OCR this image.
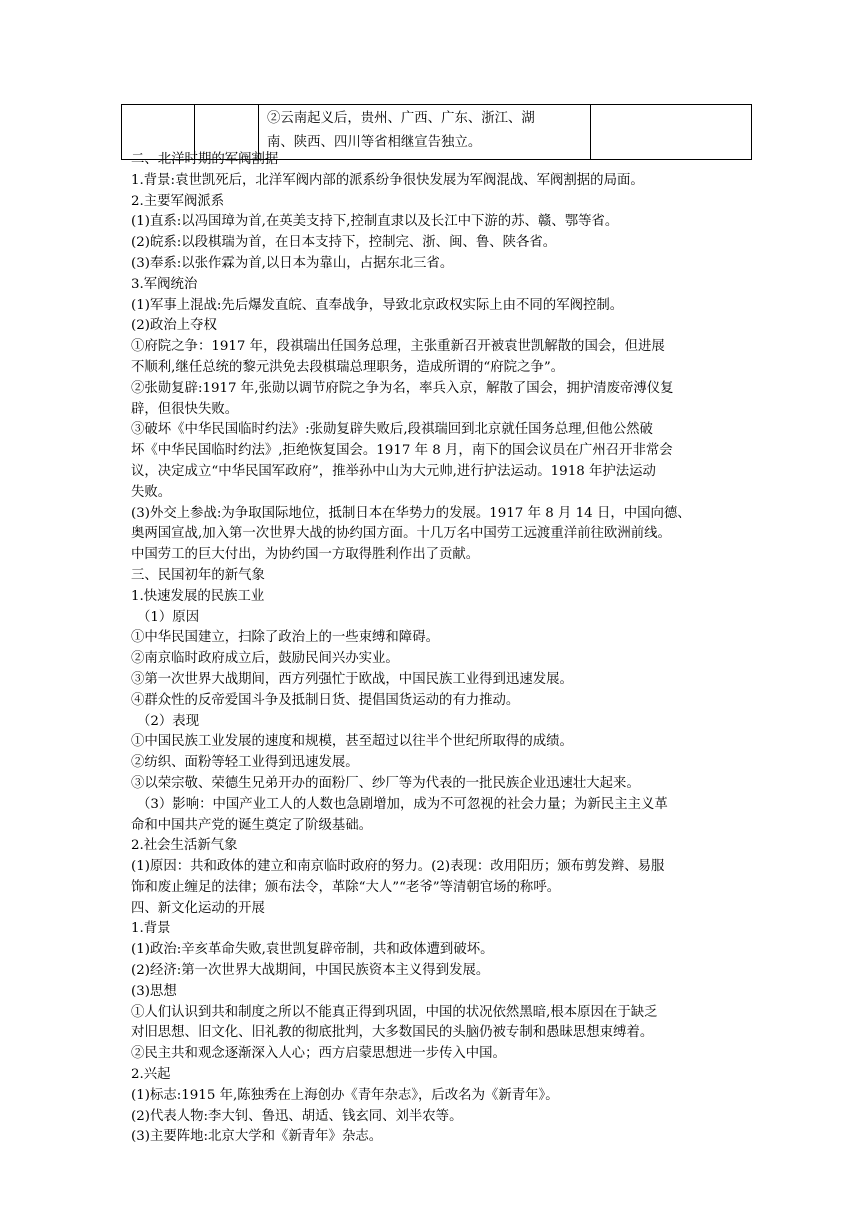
②云南起义后，贵州、广西、广东、浙江、湖
南、陕西、四川等省相继宣告独立。

二、北洋时期的军阀割据
1.背景:袁世凯死后，北洋军阀内部的派系纷争很快发展为军阀混战、军阀割据的局面。
2.主要军阀派系
(1)直系:以冯国璋为首,在英美支持下,控制直隶以及长江中下游的苏、赣、鄂等省。
(2)皖系:以段棋瑞为首，在日本支持下，控制完、浙、闽、鲁、陕各省。
(3)奉系:以张作霖为首,以日本为靠山，占据东北三省。
3.军阀统治
(1)军事上混战:先后爆发直皖、直奉战争，导致北京政权实际上由不同的军阀控制。
(2)政治上夺权
①府院之争：1917 年，段祺瑞出任国务总理，主张重新召开被袁世凯解散的国会，但进展
不顺利,继任总统的黎元洪免去段棋瑞总理职务，造成所谓的“府院之争”。
②张勋复辟:1917 年,张勋以调节府院之争为名，率兵入京，解散了国会，拥护清废帝溥仪复
辟，但很快失败。
③破坏《中华民国临时约法》:张勋复辟失败后,段祺瑞回到北京就任国务总理,但他公然破
坏《中华民国临时约法》,拒绝恢复国会。1917 年 8 月，南下的国会议员在广州召开非常会
议，决定成立“中华民国军政府”，推举孙中山为大元帅,进行护法运动。1918 年护法运动
失败。
(3)外交上参战:为争取国际地位，抵制日本在华势力的发展。1917 年 8 月 14 日，中国向德、
奥两国宣战,加入第一次世界大战的协约国方面。十几万名中国劳工远渡重洋前往欧洲前线。
中国劳工的巨大付出，为协约国一方取得胜利作出了贡献。
三、民国初年的新气象
1.快速发展的民族工业
（1）原因
①中华民国建立，扫除了政治上的一些束缚和障碍。
②南京临时政府成立后，鼓励民间兴办实业。
③第一次世界大战期间，西方列强忙于欧战，中国民族工业得到迅速发展。
④群众性的反帝爱国斗争及抵制日货、提倡国货运动的有力推动。
（2）表现
①中国民族工业发展的速度和规模，甚至超过以往半个世纪所取得的成绩。
②纺织、面粉等轻工业得到迅速发展。
③以荣宗敬、荣德生兄弟开办的面粉厂、纱厂等为代表的一批民族企业迅速壮大起来。
（3）影响：中国产业工人的人数也急剧增加，成为不可忽视的社会力量；为新民主主义革
命和中国共产党的诞生奠定了阶级基础。
2.社会生活新气象
(1)原因：共和政体的建立和南京临时政府的努力。(2)表现：改用阳历；颁布剪发辫、易服
饰和废止缠足的法律；颁布法令，革除“大人”“老爷”等清朝官场的称呼。
四、新文化运动的开展
1.背景
(1)政治:辛亥革命失败,袁世凯复辟帝制，共和政体遭到破坏。
(2)经济:第一次世界大战期间，中国民族资本主义得到发展。
(3)思想
①人们认识到共和制度之所以不能真正得到巩固，中国的状况依然黑暗,根本原因在于缺乏
对旧思想、旧文化、旧礼教的彻底批判，大多数国民的头脑仍被专制和愚昧思想束缚着。
②民主共和观念逐渐深入人心；西方启蒙思想进一步传入中国。
2.兴起
(1)标志:1915 年,陈独秀在上海创办《青年杂志》，后改名为《新青年》。
(2)代表人物:李大钊、鲁迅、胡适、钱玄同、刘半农等。
(3)主要阵地:北京大学和《新青年》杂志。
